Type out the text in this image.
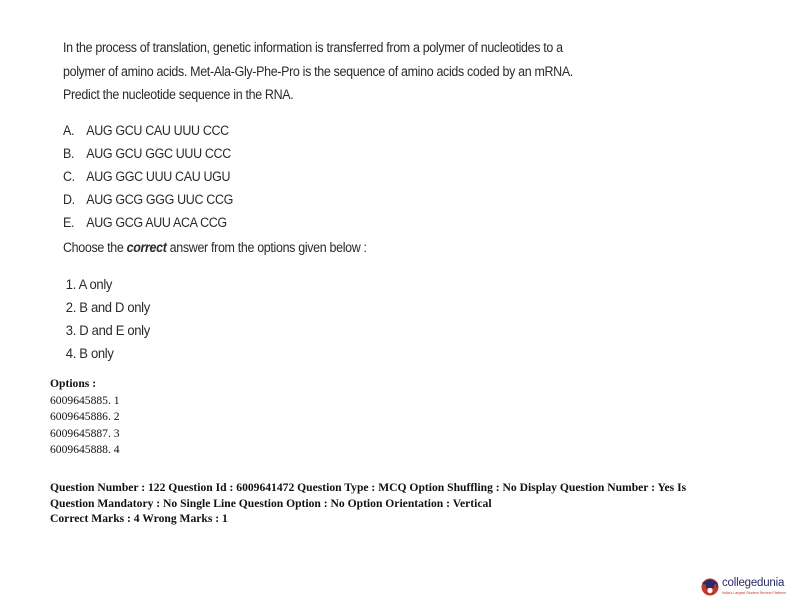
In the process of translation, genetic information is transferred from a polymer of nucleotides to a

polymer of amino acids. Met-Ala-Gly-Phe-Pro is the sequence of amino acids coded by an mRNA.

Predict the nucleotide sequence in the RNA.

A. AUG GCU CAU UUU CCC
B. AUG GCU GGC UUU CCC
C. AUG GGC UUU CAU UGU
D. AUG GCG GGG UUC CCG
E. AUG GCG AUU ACA CCG
Choose the correct answer from the options given below :
1. A only
2. B and D only
3. D and E only
4. B only
Options :
6009645885. 1
6009645886. 2
6009645887. 3
6009645888. 4
Question Number : 122 Question Id : 6009641472 Question Type : MCQ Option Shuffling : No Display Question Number : Yes Is
Question Mandatory : No Single Line Question Option : No Option Orientation : Vertical
Correct Marks : 4 Wrong Marks : 1
collegedunia
India's Largest Student Review Platform
